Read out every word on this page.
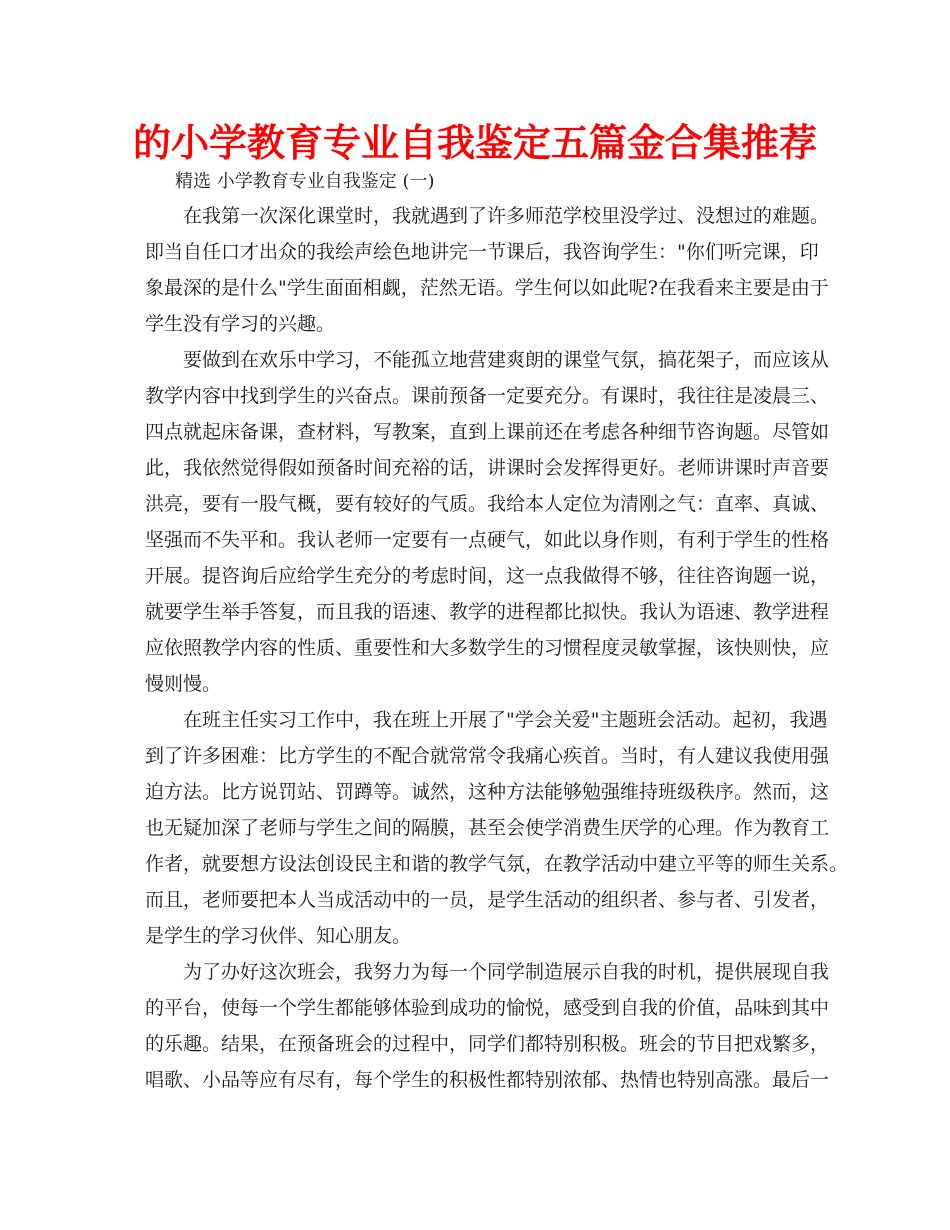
的小学教育专业自我鉴定五篇金合集推荐
精选 小学教育专业自我鉴定 (一)

在我第一次深化课堂时，我就遇到了许多师范学校里没学过、没想过的难题。
即当自任口才出众的我绘声绘色地讲完一节课后，我咨询学生："你们听完课，印
象最深的是什么"学生面面相觑，茫然无语。学生何以如此呢?在我看来主要是由于
学生没有学习的兴趣。

要做到在欢乐中学习，不能孤立地营建爽朗的课堂气氛，搞花架子，而应该从
教学内容中找到学生的兴奋点。课前预备一定要充分。有课时，我往往是凌晨三、
四点就起床备课，查材料，写教案，直到上课前还在考虑各种细节咨询题。尽管如
此，我依然觉得假如预备时间充裕的话，讲课时会发挥得更好。老师讲课时声音要
洪亮，要有一股气概，要有较好的气质。我给本人定位为清刚之气：直率、真诚、
坚强而不失平和。我认老师一定要有一点硬气，如此以身作则，有利于学生的性格
开展。提咨询后应给学生充分的考虑时间，这一点我做得不够，往往咨询题一说，
就要学生举手答复，而且我的语速、教学的进程都比拟快。我认为语速、教学进程
应依照教学内容的性质、重要性和大多数学生的习惯程度灵敏掌握，该快则快，应
慢则慢。

在班主任实习工作中，我在班上开展了"学会关爱"主题班会活动。起初，我遇
到了许多困难：比方学生的不配合就常常令我痛心疾首。当时，有人建议我使用强
迫方法。比方说罚站、罚蹲等。诚然，这种方法能够勉强维持班级秩序。然而，这
也无疑加深了老师与学生之间的隔膜，甚至会使学消费生厌学的心理。作为教育工
作者，就要想方设法创设民主和谐的教学气氛，在教学活动中建立平等的师生关系。
而且，老师要把本人当成活动中的一员，是学生活动的组织者、参与者、引发者，
是学生的学习伙伴、知心朋友。

为了办好这次班会，我努力为每一个同学制造展示自我的时机，提供展现自我
的平台，使每一个学生都能够体验到成功的愉悦，感受到自我的价值，品味到其中
的乐趣。结果，在预备班会的过程中，同学们都特别积极。班会的节目把戏繁多，
唱歌、小品等应有尽有，每个学生的积极性都特别浓郁、热情也特别高涨。最后一
